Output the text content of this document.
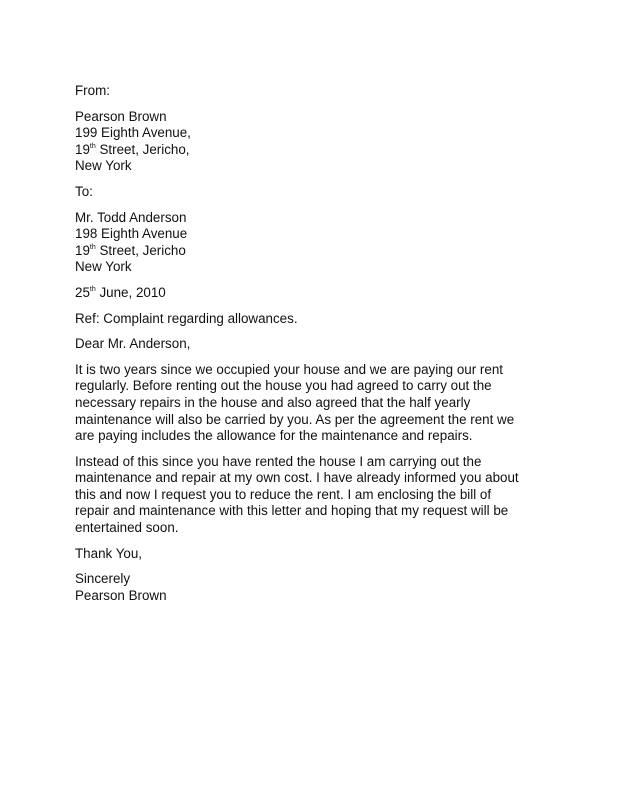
From:
Pearson Brown
199 Eighth Avenue,
19th Street, Jericho,
New York
To:
Mr. Todd Anderson
198 Eighth Avenue
19th Street, Jericho
New York
25th June, 2010
Ref: Complaint regarding allowances.
Dear Mr. Anderson,
It is two years since we occupied your house and we are paying our rent
regularly. Before renting out the house you had agreed to carry out the
necessary repairs in the house and also agreed that the half yearly
maintenance will also be carried by you. As per the agreement the rent we
are paying includes the allowance for the maintenance and repairs.
Instead of this since you have rented the house I am carrying out the
maintenance and repair at my own cost. I have already informed you about
this and now I request you to reduce the rent. I am enclosing the bill of
repair and maintenance with this letter and hoping that my request will be
entertained soon.
Thank You,
Sincerely
Pearson Brown
